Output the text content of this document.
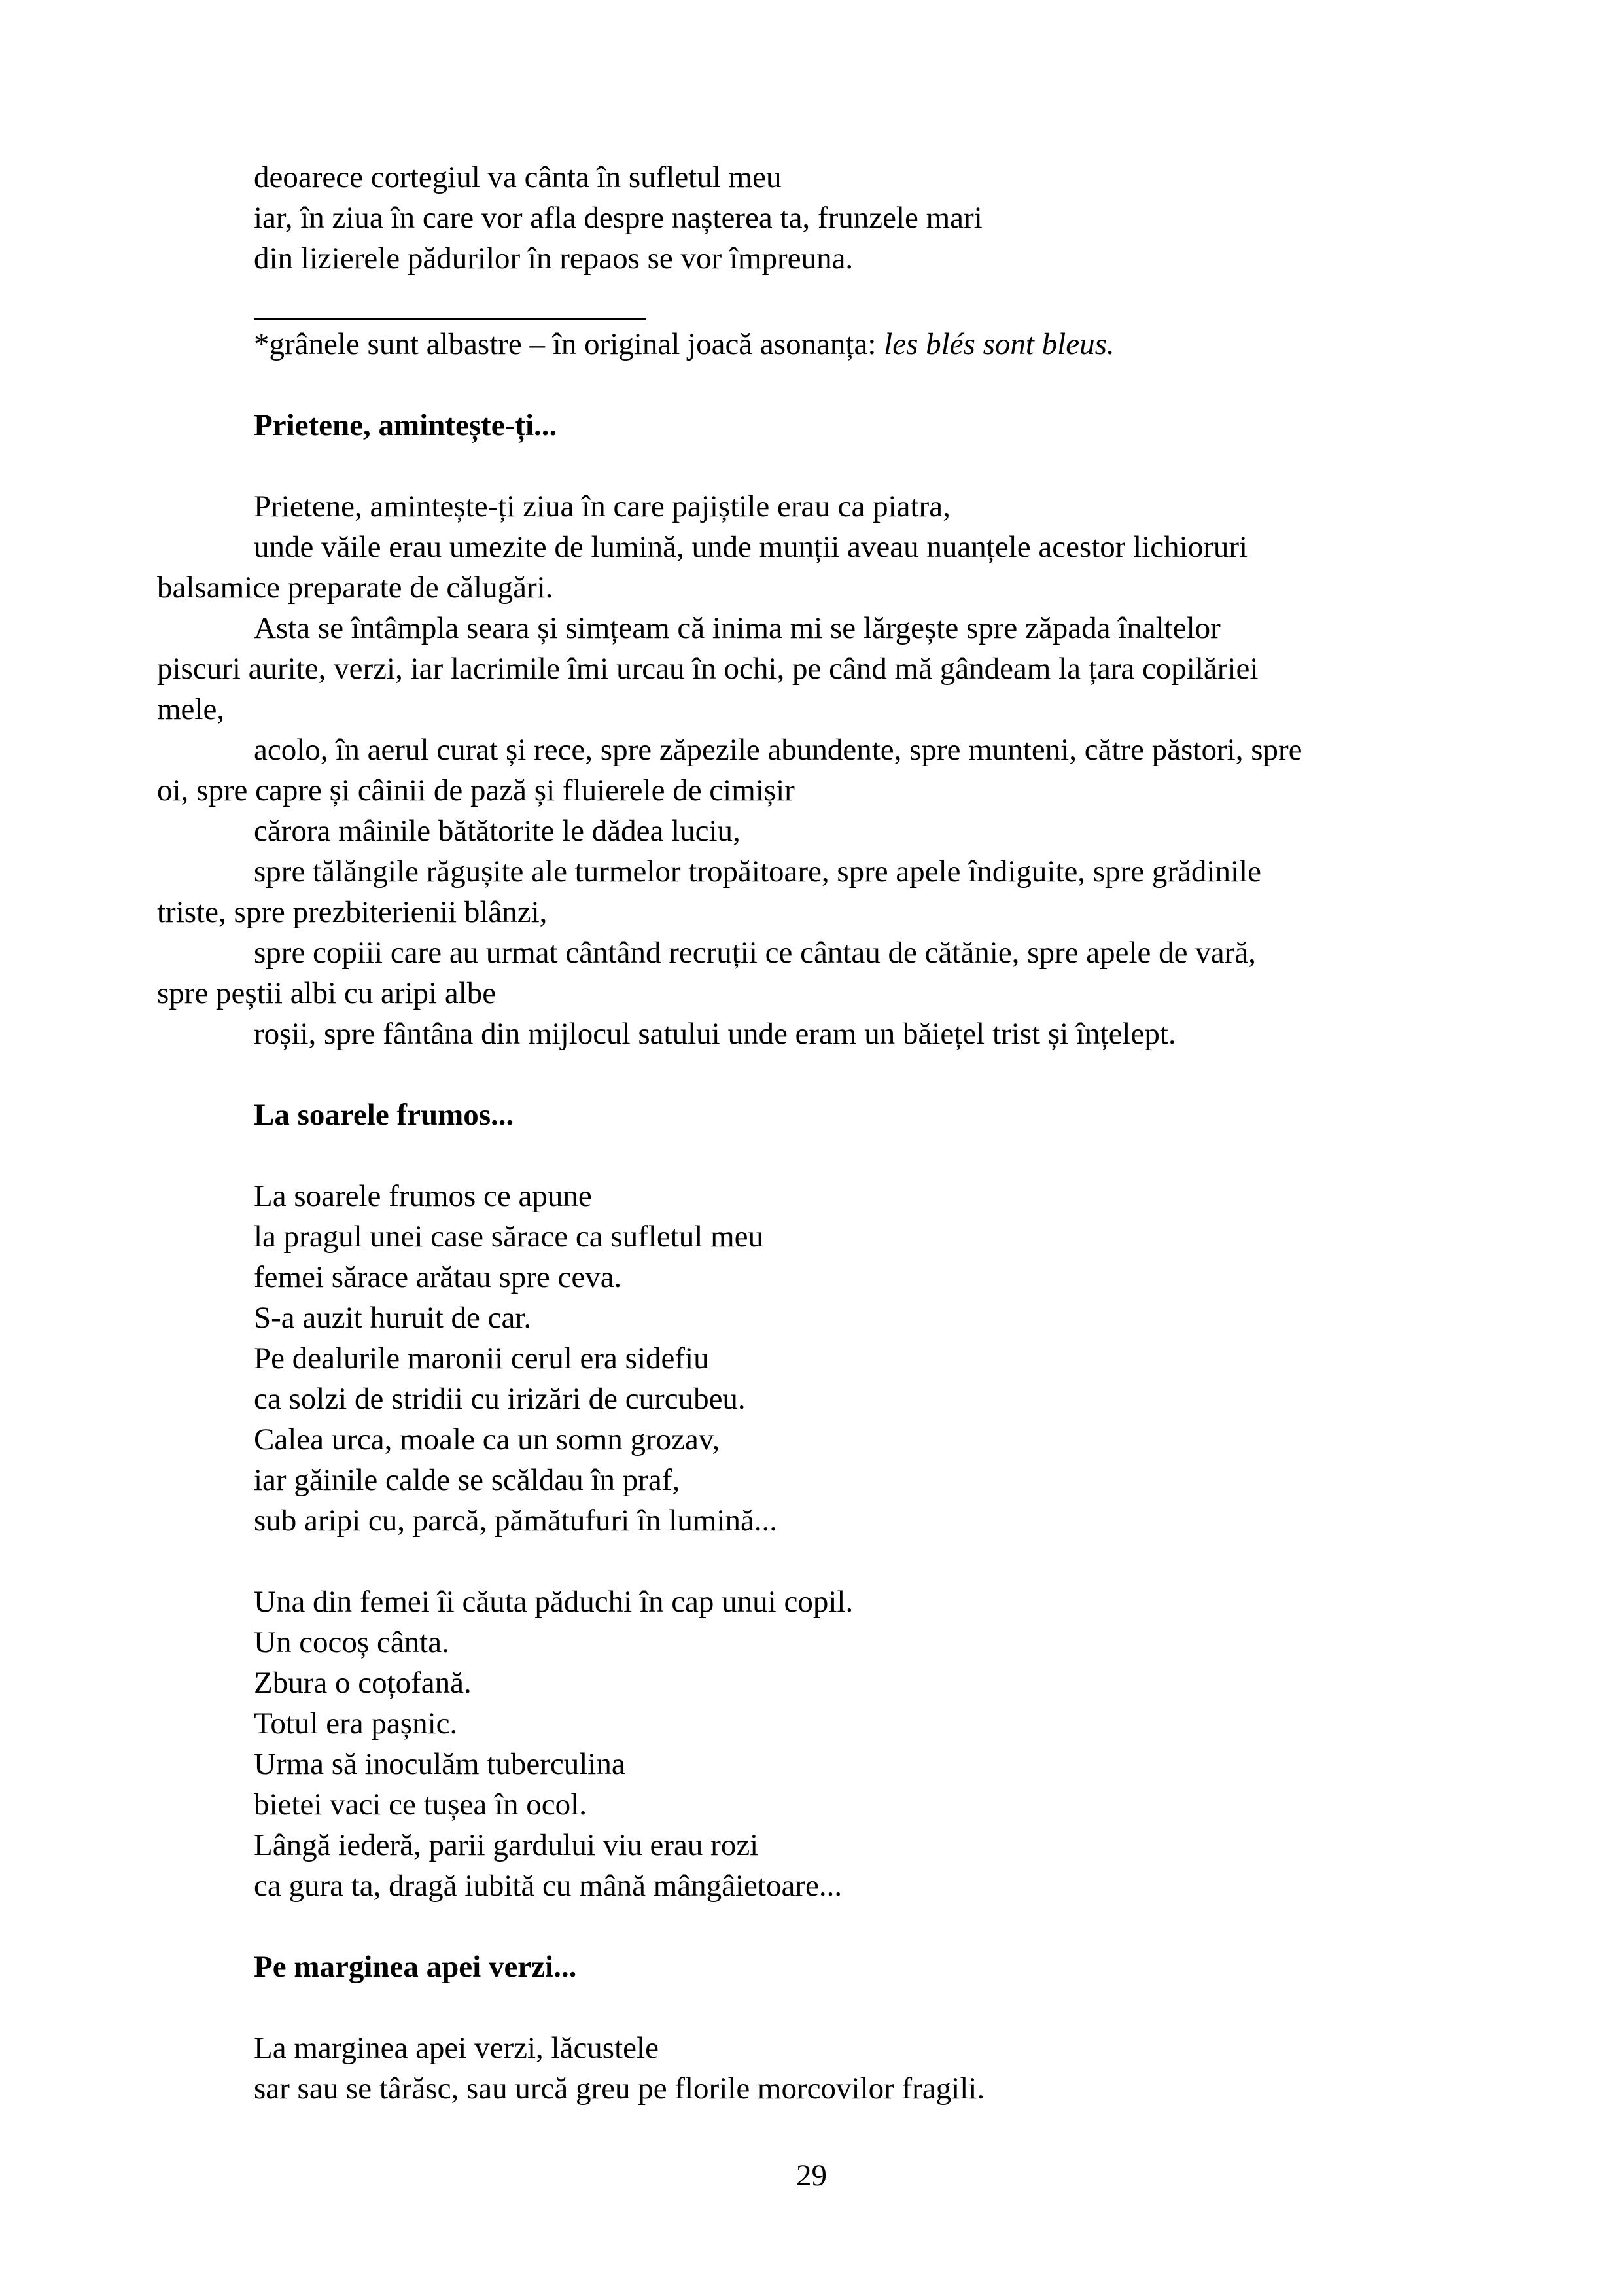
deoarece cortegiul va cânta în sufletul meu
iar, în ziua în care vor afla despre nașterea ta, frunzele mari
din lizierele pădurilor în repaos se vor împreuna.
*grânele sunt albastre – în original joacă asonanța: les blés sont bleus.
Prietene, amintește-ți...
Prietene, amintește-ți ziua în care pajiștile erau ca piatra,
unde văile erau umezite de lumină, unde munții aveau nuanțele acestor lichioruri
balsamice preparate de călugări.
Asta se întâmpla seara și simțeam că inima mi se lărgește spre zăpada înaltelor
piscuri aurite, verzi, iar lacrimile îmi urcau în ochi, pe când mă gândeam la țara copilăriei
mele,
acolo, în aerul curat și rece, spre zăpezile abundente, spre munteni, către păstori, spre
oi, spre capre și câinii de pază și fluierele de cimișir
cărora mâinile bătătorite le dădea luciu,
spre tălăngile răgușite ale turmelor tropăitoare, spre apele îndiguite, spre grădinile
triste, spre prezbiterienii blânzi,
spre copiii care au urmat cântând recruții ce cântau de cătănie, spre apele de vară,
spre peștii albi cu aripi albe
roșii, spre fântâna din mijlocul satului unde eram un băiețel trist și înțelept.
La soarele frumos...
La soarele frumos ce apune
la pragul unei case sărace ca sufletul meu
femei sărace arătau spre ceva.
S-a auzit huruit de car.
Pe dealurile maronii cerul era sidefiu
ca solzi de stridii cu irizări de curcubeu.
Calea urca, moale ca un somn grozav,
iar găinile calde se scăldau în praf,
sub aripi cu, parcă, pămătufuri în lumină...
Una din femei îi căuta păduchi în cap unui copil.
Un cocoș cânta.
Zbura o coțofană.
Totul era pașnic.
Urma să inoculăm tuberculina
bietei vaci ce tușea în ocol.
Lângă iederă, parii gardului viu erau rozi
ca gura ta, dragă iubită cu mână mângâietoare...
Pe marginea apei verzi...
La marginea apei verzi, lăcustele
sar sau se târăsc, sau urcă greu pe florile morcovilor fragili.
29
